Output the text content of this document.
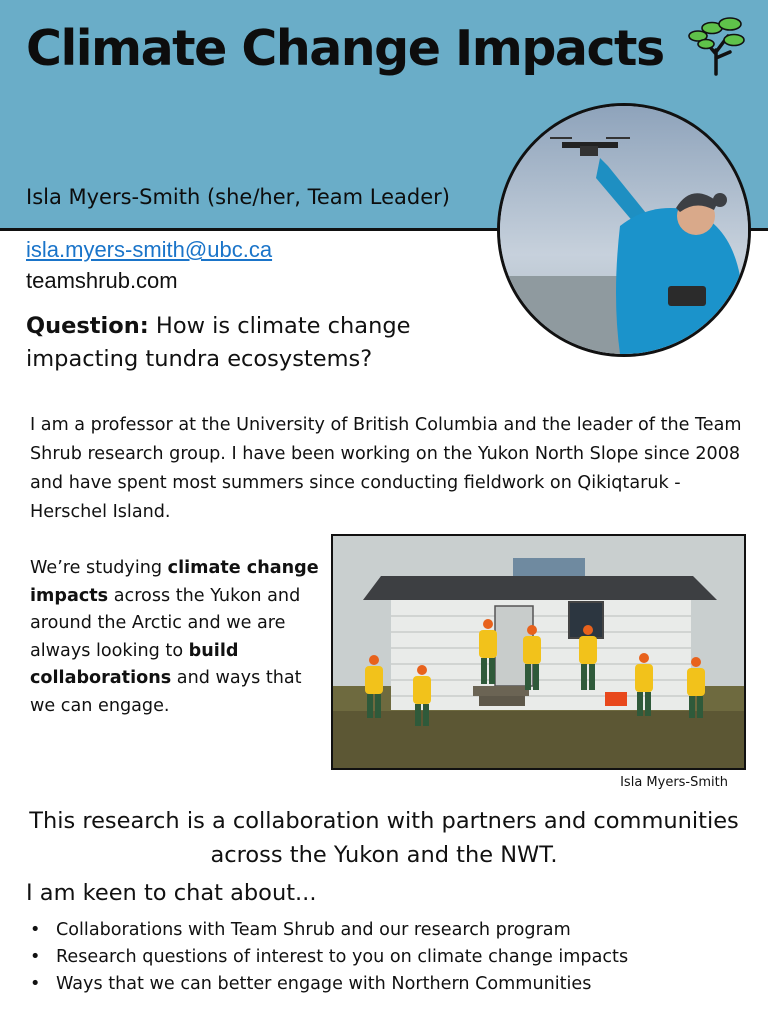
Climate Change Impacts
Isla Myers-Smith (she/her, Team Leader)
isla.myers-smith@ubc.ca
teamshrub.com
Question: How is climate change impacting tundra ecosystems?
I am a professor at the University of British Columbia and the leader of the Team Shrub research group. I have been working on the Yukon North Slope since 2008 and have spent most summers since conducting fieldwork on Qikiqtaruk - Herschel Island.
We’re studying climate change impacts across the Yukon and around the Arctic and we are always looking to build collaborations and ways that we can engage.
Isla Myers-Smith
This research is a collaboration with partners and communities across the Yukon and the NWT.
I am keen to chat about...
• Collaborations with Team Shrub and our research program
• Research questions of interest to you on climate change impacts
• Ways that we can better engage with Northern Communities
